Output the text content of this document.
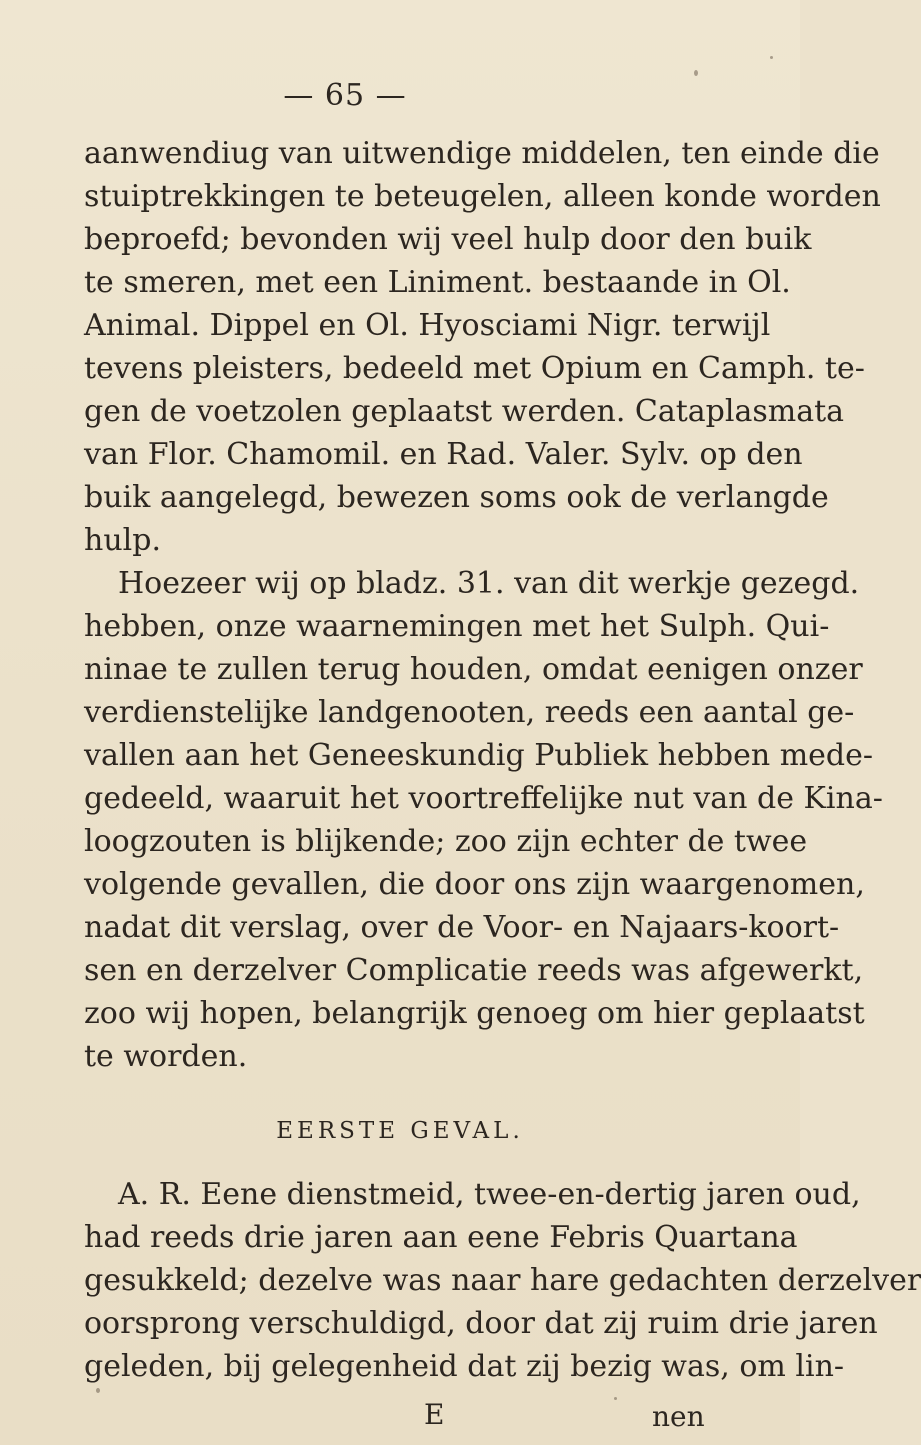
— 65 —
aanwendiug van uitwendige middelen, ten einde die
stuiptrekkingen te beteugelen, alleen konde worden
beproefd; bevonden wij veel hulp door den buik
te smeren, met een Liniment. bestaande in Ol.
Animal. Dippel en Ol. Hyosciami Nigr. terwijl
tevens pleisters, bedeeld met Opium en Camph. te-
gen de voetzolen geplaatst werden. Cataplasmata
van Flor. Chamomil. en Rad. Valer. Sylv. op den
buik aangelegd, bewezen soms ook de verlangde
hulp.
Hoezeer wij op bladz. 31. van dit werkje gezegd.
hebben, onze waarnemingen met het Sulph. Qui-
ninae te zullen terug houden, omdat eenigen onzer
verdienstelijke landgenooten, reeds een aantal ge-
vallen aan het Geneeskundig Publiek hebben mede-
gedeeld, waaruit het voortreffelijke nut van de Kina-
loogzouten is blijkende; zoo zijn echter de twee
volgende gevallen, die door ons zijn waargenomen,
nadat dit verslag, over de Voor- en Najaars-koort-
sen en derzelver Complicatie reeds was afgewerkt,
zoo wij hopen, belangrijk genoeg om hier geplaatst
te worden.
EERSTE GEVAL.
A. R. Eene dienstmeid, twee-en-dertig jaren oud,
had reeds drie jaren aan eene Febris Quartana
gesukkeld; dezelve was naar hare gedachten derzelver
oorsprong verschuldigd, door dat zij ruim drie jaren
geleden, bij gelegenheid dat zij bezig was, om lin-
E	nen
